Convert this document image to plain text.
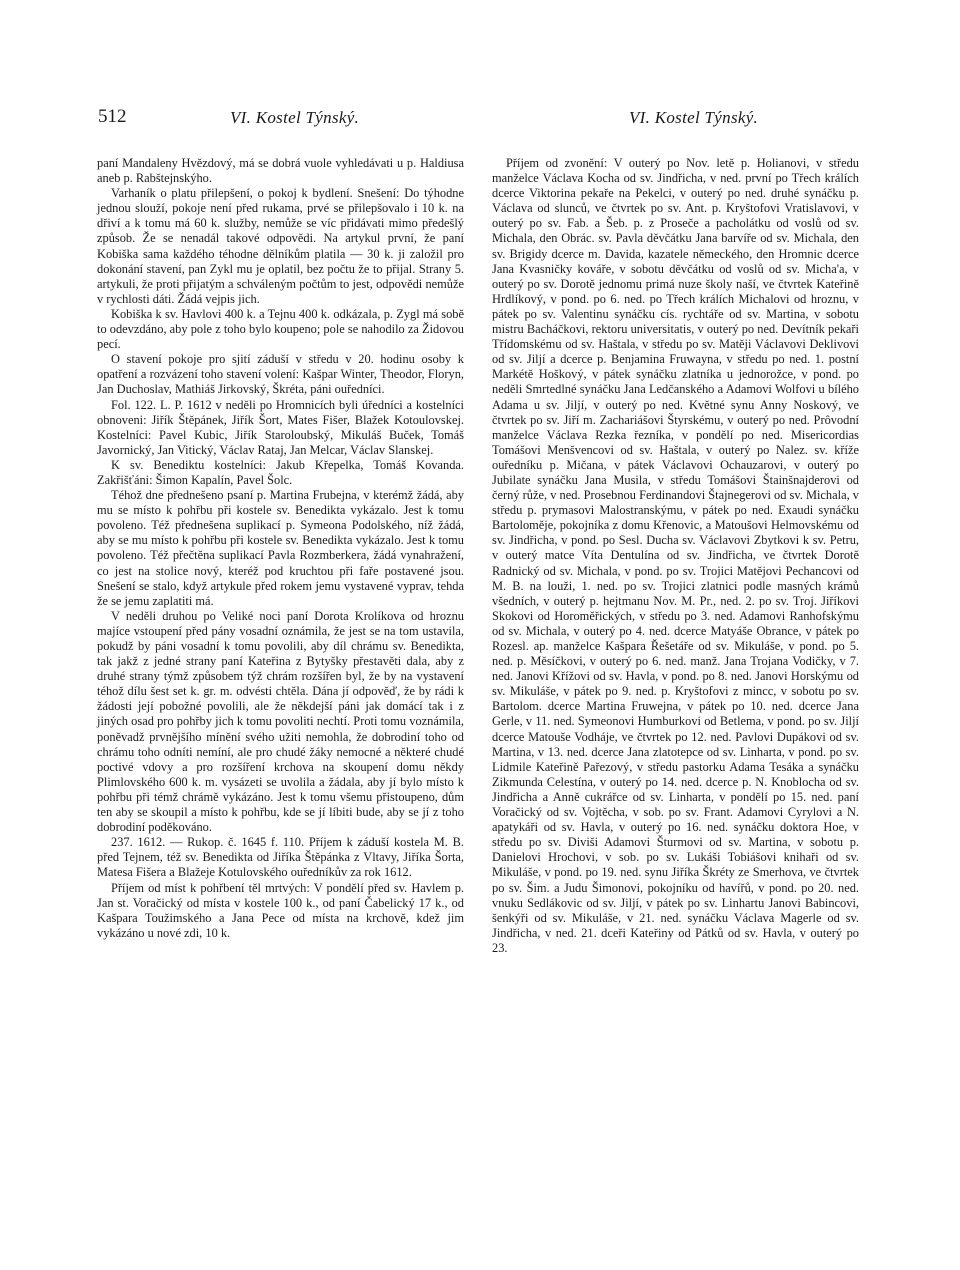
512	VI. Kostel Týnský.	VI. Kostel Týnský.

paní Mandaleny Hvězdový, má se dobrá vuole vyhledávati u p. Haldiusa aneb p. Rabštejnskýho.

Varhaník o platu přilepšení, o pokoj k bydlení. Snešení: Do týhodne jednou slouží, pokoje není před rukama, prvé se přilepšovalo i 10 k. na dřiví a k tomu má 60 k. služby, nemůže se víc přidávati mimo předešlý způsob. Že se nenadál takové odpovědi. Na artykul první, že paní Kobiška sama každého téhodne dělníkům platila — 30 k. ji založil pro dokonání stavení, pan Zykl mu je oplatil, bez počtu že to přijal. Strany 5. artykuli, že proti přijatým a schváleným počtům to jest, odpovědi nemůže v rychlosti dáti. Žádá vejpis jich.

Kobiška k sv. Havlovi 400 k. a Tejnu 400 k. odkázala, p. Zygl má sobě to odevzdáno, aby pole z toho bylo koupeno; pole se nahodilo za Židovou pecí.

O stavení pokoje pro sjití záduší v středu v 20. hodinu osoby k opatření a rozvázení toho stavení volení: Kašpar Winter, Theodor, Floryn, Jan Duchoslav, Mathiáš Jirkovský, Škréta, páni ouředníci.

Fol. 122. L. P. 1612 v neděli po Hromnicích byli úředníci a kostelníci obnoveni: Jiřík Štěpánek, Jiřík Šort, Mates Fišer, Blažek Kotoulovskej. Kostelníci: Pavel Kubic, Jiřík Staroloubský, Mikuláš Buček, Tomáš Javornický, Jan Vitický, Václav Rataj, Jan Melcar, Václav Slanskej.

K sv. Benediktu kostelníci: Jakub Křepelka, Tomáš Kovanda. Zakřišťáni: Šimon Kapalín, Pavel Šolc.

Téhož dne přednešeno psaní p. Martina Frubejna, v kterémž žádá, aby mu se místo k pohřbu při kostele sv. Benedikta vykázalo. Jest k tomu povoleno. Též přednešena suplikací p. Symeona Podolského, níž žádá, aby se mu místo k pohřbu při kostele sv. Benedikta vykázalo. Jest k tomu povoleno. Též přečtěna suplikací Pavla Rozmberkera, žádá vynahražení, co jest na stolice nový, kteréž pod kruchtou při faře postavené jsou. Snešení se stalo, když artykule před rokem jemu vystavené vyprav, tehda že se jemu zaplatiti má.

V neděli druhou po Veliké noci paní Dorota Krolíkova od hroznu majíce vstoupení před pány vosadní oznámila, že jest se na tom ustavila, pokudž by páni vosadní k tomu povolili, aby díl chrámu sv. Benedikta, tak jakž z jedné strany paní Kateřina z Bytyšky přestavěti dala, aby z druhé strany týmž způsobem týž chrám rozšířen byl, že by na vystavení téhož dílu šest set k. gr. m. odvésti chtěla. Dána jí odpověď, že by rádi k žádosti její pobožné povolili, ale že někdejší páni jak domácí tak i z jiných osad pro pohřby jich k tomu povoliti nechtí. Proti tomu voznámila, poněvadž prvnějšího mínění svého užiti nemohla, že dobrodiní toho od chrámu toho odníti nemíní, ale pro chudé žáky nemocné a některé chudé poctivé vdovy a pro rozšíření krchova na skoupení domu někdy Plimlovského 600 k. m. vysázeti se uvolila a žádala, aby jí bylo místo k pohřbu při témž chrámě vykázáno. Jest k tomu všemu přistoupeno, dům ten aby se skoupil a místo k pohřbu, kde se jí líbiti bude, aby se jí z toho dobrodiní poděkováno.

237. 1612. — Rukop. č. 1645 f. 110. Příjem k záduší kostela M. B. před Tejnem, též sv. Benedikta od Jiříka Štěpánka z Vltavy, Jiříka Šorta, Matesa Fišera a Blažeje Kotulovského ouředníkův za rok 1612.

Příjem od míst k pohřbení těl mrtvých: V pondělí před sv. Havlem p. Jan st. Voračický od místa v kostele 100 k., od paní Čabelický 17 k., od Kašpara Toužimského a Jana Pece od místa na krchově, kdež jim vykázáno u nové zdi, 10 k.

Příjem od zvonění: V outerý po Nov. letě p. Holianovi, v středu manželce Václava Kocha od sv. Jindřicha, v ned. první po Třech králích dcerce Viktorina pekaře na Pekelci, v outerý po ned. druhé synáčku p. Václava od slunců, ve čtvrtek po sv. Ant. p. Kryštofovi Vratislavovi, v outerý po sv. Fab. a Šeb. p. z Proseče a pacholátku od voslů od sv. Michala, den Obrác. sv. Pavla děvčátku Jana barvíře od sv. Michala, den sv. Brigidy dcerce m. Davida, kazatele německého, den Hromnic dcerce Jana Kvasničky kováře, v sobotu děvčátku od voslů od sv. Micha'a, v outerý po sv. Dorotě jednomu primá nuze školy naší, ve čtvrtek Kateřině Hrdlíkový, v pond. po 6. ned. po Třech králích Michalovi od hroznu, v pátek po sv. Valentinu synáčku cís. rychtáře od sv. Martina, v sobotu mistru Bacháčkovi, rektoru universitatis, v outerý po ned. Devítník pekaři Třídomskému od sv. Haštala, v středu po sv. Matěji Václavovi Deklivovi od sv. Jiljí a dcerce p. Benjamina Fruwayna, v středu po ned. 1. postní Markétě Hoškový, v pátek synáčku zlatníka u jednorožce, v pond. po neděli Smrtedlné synáčku Jana Ledčanského a Adamovi Wolfovi u bílého Adama u sv. Jiljí, v outerý po ned. Květné synu Anny Noskový, ve čtvrtek po sv. Jiří m. Zachariášovi Štyrskému, v outerý po ned. Prôvodní manželce Václava Rezka řezníka, v pondělí po ned. Misericordias Tomášovi Menšvencovi od sv. Haštala, v outerý po Nalez. sv. kříže ouředníku p. Mičana, v pátek Václavovi Ochauzarovi, v outerý po Jubilate synáčku Jana Musila, v středu Tomášovi Štainšnajderovi od černý růže, v ned. Prosebnou Ferdinandovi Štajnegerovi od sv. Michala, v středu p. prymasovi Malostranskýmu, v pátek po ned. Exaudi synáčku Bartoloměje, pokojníka z domu Křenovic, a Matoušovi Helmovskému od sv. Jindřicha, v pond. po Sesl. Ducha sv. Václavovi Zbytkovi k sv. Petru, v outerý matce Víta Dentulína od sv. Jindřicha, ve čtvrtek Dorotě Radnický od sv. Michala, v pond. po sv. Trojici Matějovi Pechancovi od M. B. na louži, 1. ned. po sv. Trojici zlatnici podle masných krámů všedních, v outerý p. hejtmanu Nov. M. Pr., ned. 2. po sv. Troj. Jiříkovi Skokovi od Horoměřických, v středu po 3. ned. Adamovi Ranhofskýmu od sv. Michala, v outerý po 4. ned. dcerce Matyáše Obrance, v pátek po Rozesl. ap. manželce Kašpara Řešetáře od sv. Mikuláše, v pond. po 5. ned. p. Měsíčkovi, v outerý po 6. ned. manž. Jana Trojana Vodičky, v 7. ned. Janovi Křížovi od sv. Havla, v pond. po 8. ned. Janovi Horskýmu od sv. Mikuláše, v pátek po 9. ned. p. Kryštofovi z mincc, v sobotu po sv. Bartolom. dcerce Martina Fruwejna, v pátek po 10. ned. dcerce Jana Gerle, v 11. ned. Symeonovi Humburkovi od Betlema, v pond. po sv. Jiljí dcerce Matouše Vodháje, ve čtvrtek po 12. ned. Pavlovi Dupákovi od sv. Martina, v 13. ned. dcerce Jana zlatotepce od sv. Linharta, v pond. po sv. Lidmile Kateřině Pařezový, v středu pastorku Adama Tesáka a synáčku Zikmunda Celestína, v outerý po 14. ned. dcerce p. N. Knoblocha od sv. Jindřicha a Anně cukrářce od sv. Linharta, v pondělí po 15. ned. paní Voračický od sv. Vojtěcha, v sob. po sv. Frant. Adamovi Cyrylovi a N. apatykáři od sv. Havla, v outerý po 16. ned. synáčku doktora Hoe, v středu po sv. Diviši Adamovi Šturmovi od sv. Martina, v sobotu p. Danielovi Hrochovi, v sob. po sv. Lukáši Tobiášovi knihaři od sv. Mikuláše, v pond. po 19. ned. synu Jiříka Škréty ze Smerhova, ve čtvrtek po sv. Šim. a Judu Šimonovi, pokojníku od havířů, v pond. po 20. ned. vnuku Sedlákovic od sv. Jiljí, v pátek po sv. Linhartu Janovi Babincovi, šenkýři od sv. Mikuláše, v 21. ned. synáčku Václava Magerle od sv. Jindřicha, v ned. 21. dceři Kateřiny od Pátků od sv. Havla, v outerý po 23.
